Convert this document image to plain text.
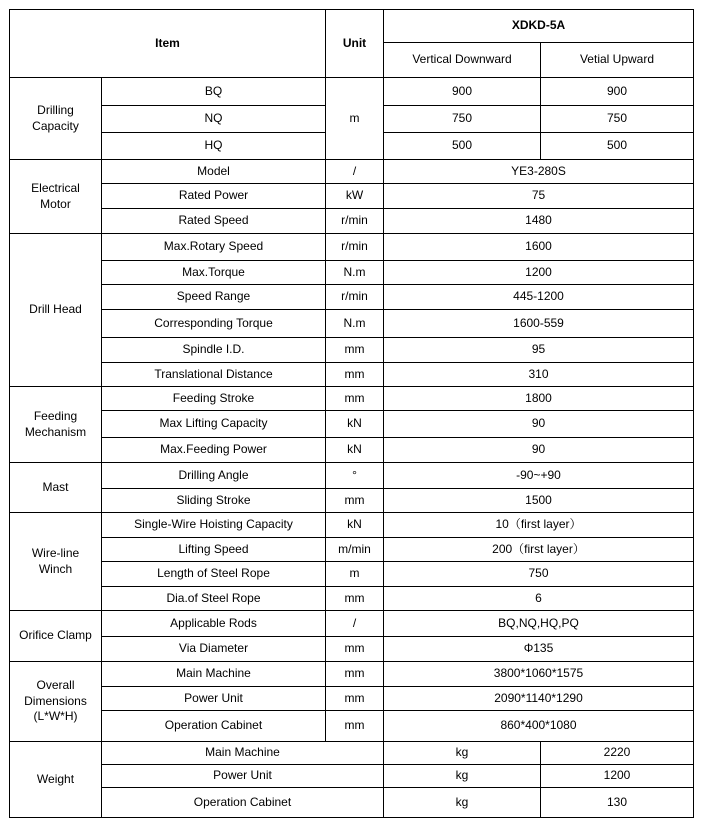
Item		Unit	XDKD-5A	
			Vertical Downward	Vetial Upward
Drilling
Capacity	BQ	m	900	900
	NQ		750	750
	HQ		500	500
Electrical
Motor	Model	/	YE3-280S	
	Rated Power	kW	75	
	Rated Speed	r/min	1480	
Drill Head	Max.Rotary Speed	r/min	1600	
	Max.Torque	N.m	1200	
	Speed Range	r/min	445-1200	
	Corresponding Torque	N.m	1600-559	
	Spindle I.D.	mm	95	
	Translational Distance	mm	310	
Feeding
Mechanism	Feeding Stroke	mm	1800	
	Max Lifting Capacity	kN	90	
	Max.Feeding Power	kN	90	
Mast	Drilling Angle	°	-90~+90	
	Sliding Stroke	mm	1500	
Wire-line
Winch	Single-Wire Hoisting Capacity	kN	10（first layer）	
	Lifting Speed	m/min	200（first layer）	
	Length of Steel Rope	m	750	
	Dia.of Steel Rope	mm	6	
Orifice Clamp	Applicable Rods	/	BQ,NQ,HQ,PQ	
	Via Diameter	mm	Φ135	
Overall
Dimensions
(L*W*H)	Main Machine	mm	3800*1060*1575	
	Power Unit	mm	2090*1140*1290	
	Operation Cabinet	mm	860*400*1080	
Weight	Main Machine		kg	2220
	Power Unit		kg	1200
	Operation Cabinet		kg	130
